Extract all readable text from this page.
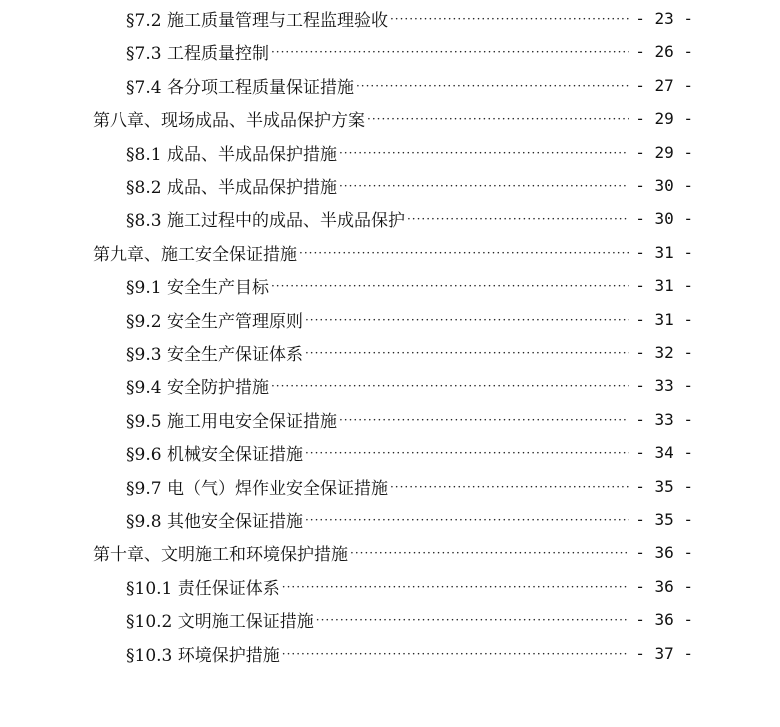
§7.2 施工质量管理与工程监理验收 ·····	- 23 -
§7.3 工程质量控制 ·····	- 26 -
§7.4 各分项工程质量保证措施 ·····	- 27 -
第八章、现场成品、半成品保护方案 ·····	- 29 -
§8.1 成品、半成品保护措施 ·····	- 29 -
§8.2 成品、半成品保护措施 ·····	- 30 -
§8.3 施工过程中的成品、半成品保护 ·····	- 30 -
第九章、施工安全保证措施 ·····	- 31 -
§9.1 安全生产目标 ·····	- 31 -
§9.2 安全生产管理原则 ·····	- 31 -
§9.3 安全生产保证体系 ·····	- 32 -
§9.4 安全防护措施 ·····	- 33 -
§9.5 施工用电安全保证措施 ·····	- 33 -
§9.6 机械安全保证措施 ·····	- 34 -
§9.7 电（气）焊作业安全保证措施 ·····	- 35 -
§9.8 其他安全保证措施 ·····	- 35 -
第十章、文明施工和环境保护措施 ·····	- 36 -
§10.1 责任保证体系 ·····	- 36 -
§10.2 文明施工保证措施 ·····	- 36 -
§10.3 环境保护措施 ·····	- 37 -
